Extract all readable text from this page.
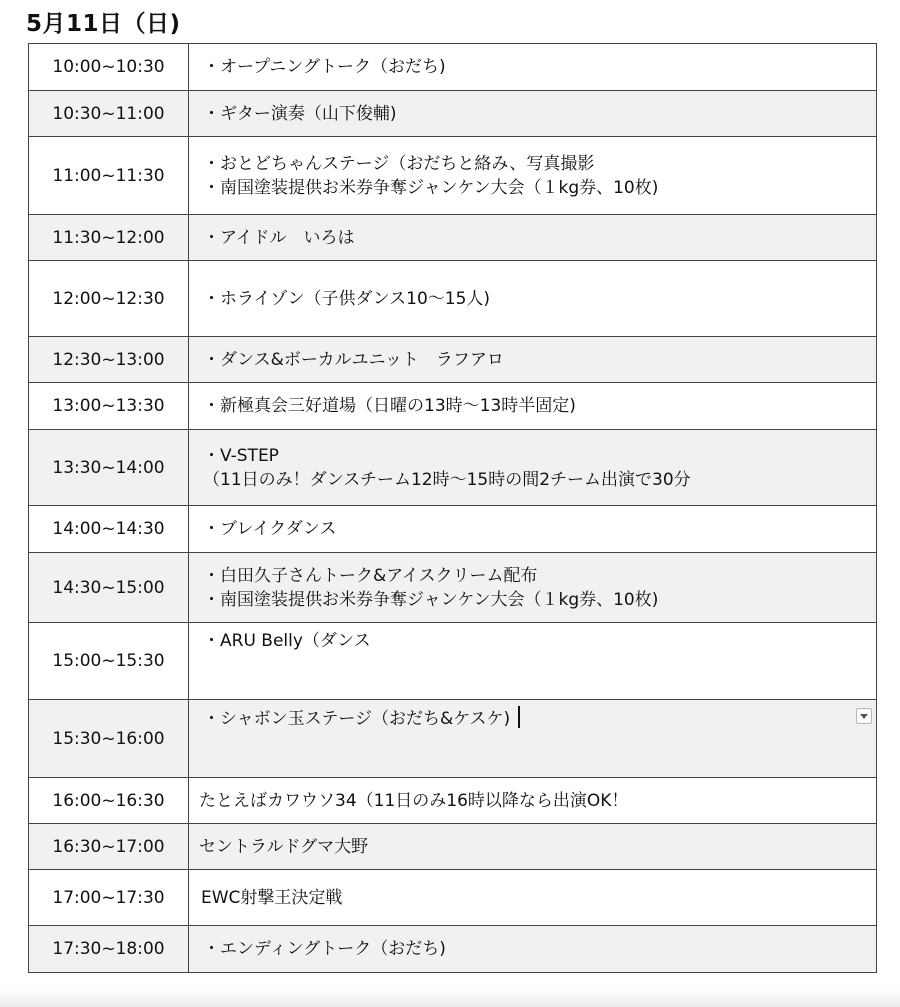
5月11日（日)
10:00~10:30	・オープニングトーク（おだち)

10:30~11:00	・ギター演奏（山下俊輔)

11:00~11:30	・おとどちゃんステージ（おだちと絡み、写真撮影
・南国塗装提供お米券争奪ジャンケン大会（１kg券、10枚)

11:30~12:00	・アイドル　いろは

12:00~12:30	・ホライゾン（子供ダンス10〜15人)

12:30~13:00	・ダンス&ボーカルユニット　ラフアロ

13:00~13:30	・新極真会三好道場（日曜の13時〜13時半固定)

13:30~14:00	・V-STEP
（11日のみ！ダンスチーム12時〜15時の間2チーム出演で30分

14:00~14:30	・ブレイクダンス

14:30~15:00	・白田久子さんトーク&アイスクリーム配布
・南国塗装提供お米券争奪ジャンケン大会（１kg券、10枚)

15:00~15:30	・ARU Belly（ダンス

15:30~16:00	・シャボン玉ステージ（おだち&ケスケ)

16:00~16:30	たとえばカワウソ34（11日のみ16時以降なら出演OK！

16:30~17:00	セントラルドグマ大野

17:00~17:30	EWC射撃王決定戦

17:30~18:00	・エンディングトーク（おだち)
